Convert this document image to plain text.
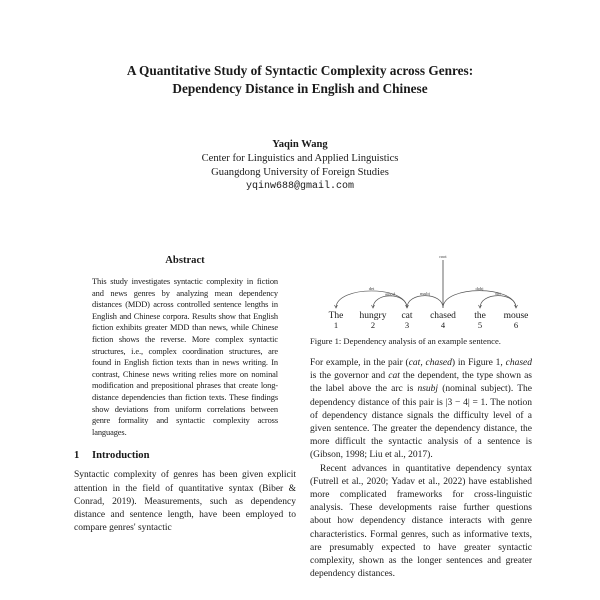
A Quantitative Study of Syntactic Complexity across Genres:
Dependency Distance in English and Chinese
Yaqin Wang
Center for Linguistics and Applied Linguistics
Guangdong University of Foreign Studies
yqinw688@gmail.com
Abstract

This study investigates syntactic complexity in fiction and news genres by analyzing mean dependency distances (MDD) across controlled sentence lengths in English and Chinese corpora. Results show that English fiction exhibits greater MDD than news, while Chinese fiction shows the reverse. More complex syntactic structures, i.e., complex coordination structures, are found in English fiction texts than in news writing. In contrast, Chinese news writing relies more on nominal modification and prepositional phrases that create long-distance dependencies than fiction texts. These findings show deviations from uniform correlations between genre formality and syntactic complexity across languages.

1 Introduction

Syntactic complexity of genres has been given explicit attention in the field of quantitative syntax (Biber & Conrad, 2019). Measurements, such as dependency distance and sentence length, have been employed to compare genres' syntactic

root
det
amod	nsubj	det
dobj
The
1
hungry
2
cat
3
chased
4
the
5
mouse
6
Figure 1: Dependency analysis of an example sentence.

For example, in the pair (cat, chased) in Figure 1, chased is the governor and cat the dependent, the type shown as the label above the arc is nsubj (nominal subject). The dependency distance of this pair is |3 − 4| = 1. The notion of dependency distance signals the difficulty level of a given sentence. The greater the dependency distance, the more difficult the syntactic analysis of a sentence is (Gibson, 1998; Liu et al., 2017).

Recent advances in quantitative dependency syntax (Futrell et al., 2020; Yadav et al., 2022) have established more complicated frameworks for cross-linguistic analysis. These developments raise further questions about how dependency distance interacts with genre characteristics. Formal genres, such as informative texts, are presumably expected to have greater syntactic complexity, shown as the longer sentences and greater dependency distances.
